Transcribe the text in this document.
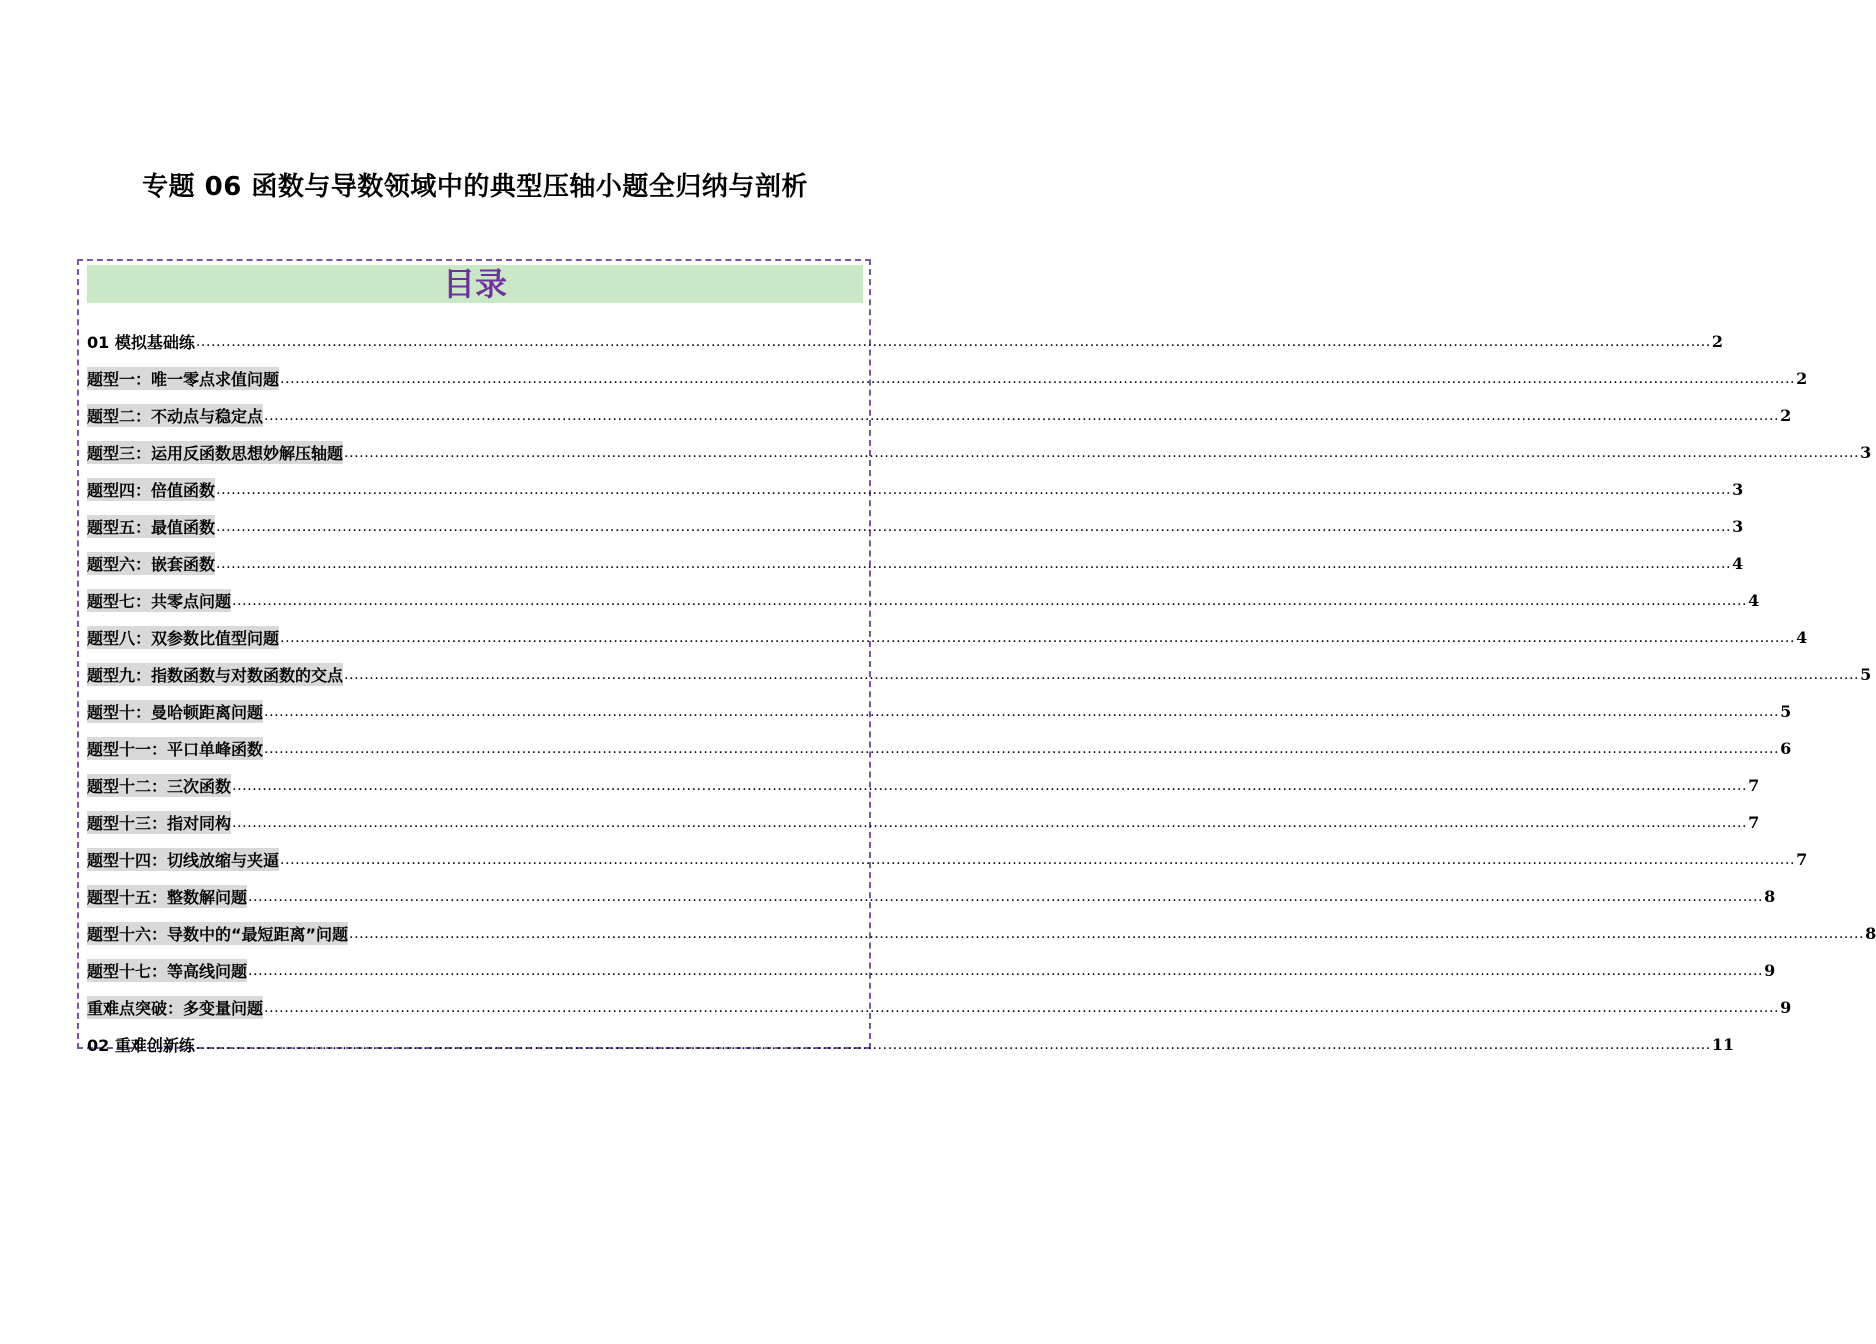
专题 06 函数与导数领域中的典型压轴小题全归纳与剖析
目录
01 模拟基础练 ............................................................................................................................................................................................................................................................................................................ 2
题型一：唯一零点求值问题 ............................................................................................................................................................................................................................................................................................................ 2
题型二：不动点与稳定点 ............................................................................................................................................................................................................................................................................................................ 2
题型三：运用反函数思想妙解压轴题 ............................................................................................................................................................................................................................................................................................................ 3
题型四：倍值函数 ............................................................................................................................................................................................................................................................................................................ 3
题型五：最值函数 ............................................................................................................................................................................................................................................................................................................ 3
题型六：嵌套函数 ............................................................................................................................................................................................................................................................................................................ 4
题型七：共零点问题 ............................................................................................................................................................................................................................................................................................................ 4
题型八：双参数比值型问题 ............................................................................................................................................................................................................................................................................................................ 4
题型九：指数函数与对数函数的交点 ............................................................................................................................................................................................................................................................................................................ 5
题型十：曼哈顿距离问题 ............................................................................................................................................................................................................................................................................................................ 5
题型十一：平口单峰函数 ............................................................................................................................................................................................................................................................................................................ 6
题型十二：三次函数 ............................................................................................................................................................................................................................................................................................................ 7
题型十三：指对同构 ............................................................................................................................................................................................................................................................................................................ 7
题型十四：切线放缩与夹逼 ............................................................................................................................................................................................................................................................................................................ 7
题型十五：整数解问题 ............................................................................................................................................................................................................................................................................................................ 8
题型十六：导数中的“最短距离”问题 ............................................................................................................................................................................................................................................................................................................ 8
题型十七：等高线问题 ............................................................................................................................................................................................................................................................................................................ 9
重难点突破：多变量问题 ............................................................................................................................................................................................................................................................................................................ 9
02 重难创新练 ............................................................................................................................................................................................................................................................................................................ 11
